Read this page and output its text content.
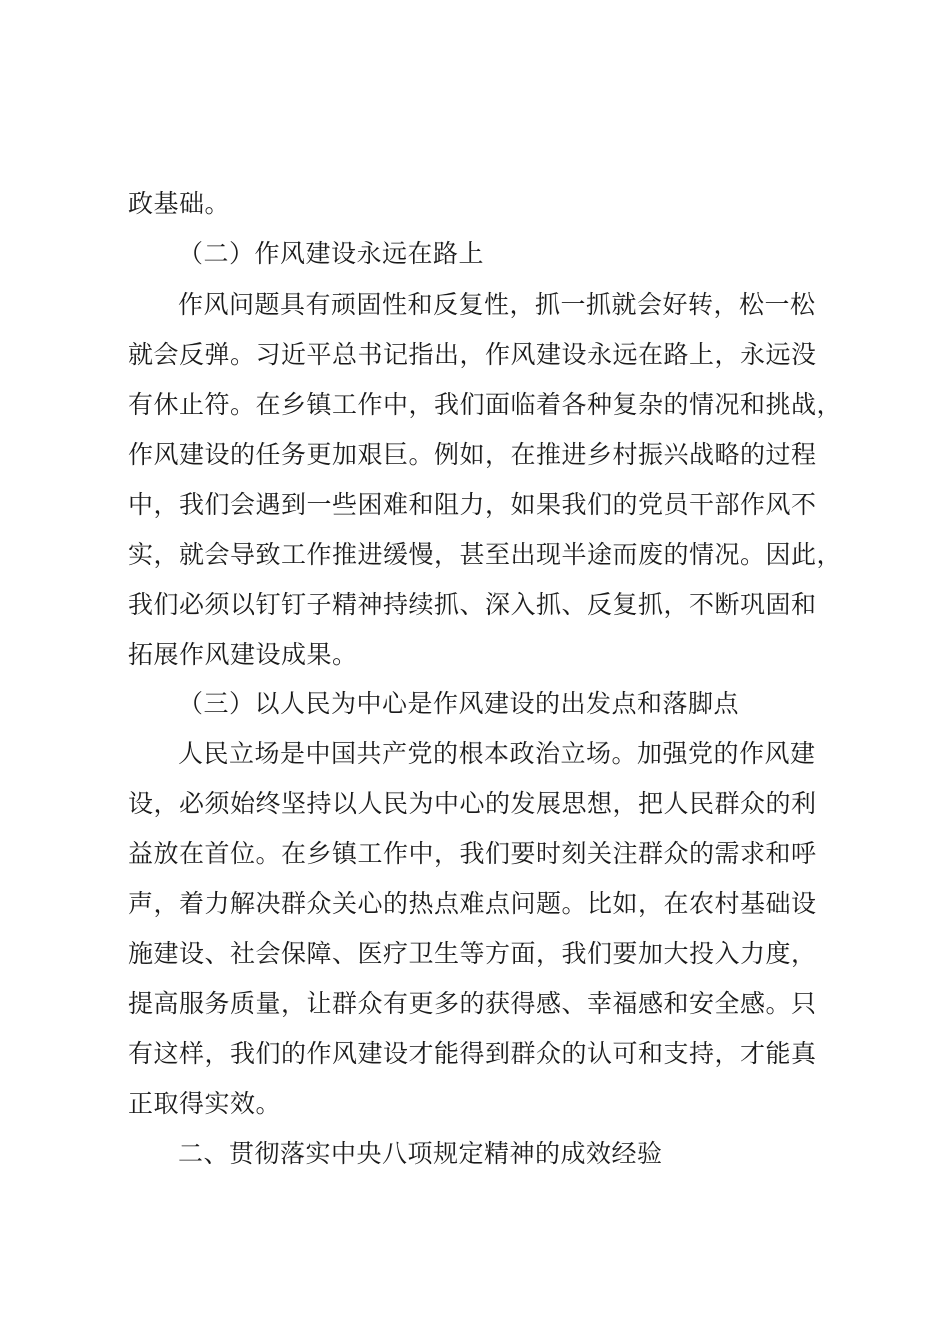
政基础。
（二）作风建设永远在路上
作风问题具有顽固性和反复性，抓一抓就会好转，松一松
就会反弹。习近平总书记指出，作风建设永远在路上，永远没
有休止符。在乡镇工作中，我们面临着各种复杂的情况和挑战，
作风建设的任务更加艰巨。例如，在推进乡村振兴战略的过程
中，我们会遇到一些困难和阻力，如果我们的党员干部作风不
实，就会导致工作推进缓慢，甚至出现半途而废的情况。因此，
我们必须以钉钉子精神持续抓、深入抓、反复抓，不断巩固和
拓展作风建设成果。
（三）以人民为中心是作风建设的出发点和落脚点
人民立场是中国共产党的根本政治立场。加强党的作风建
设，必须始终坚持以人民为中心的发展思想，把人民群众的利
益放在首位。在乡镇工作中，我们要时刻关注群众的需求和呼
声，着力解决群众关心的热点难点问题。比如，在农村基础设
施建设、社会保障、医疗卫生等方面，我们要加大投入力度，
提高服务质量，让群众有更多的获得感、幸福感和安全感。只
有这样，我们的作风建设才能得到群众的认可和支持，才能真
正取得实效。
二、贯彻落实中央八项规定精神的成效经验
